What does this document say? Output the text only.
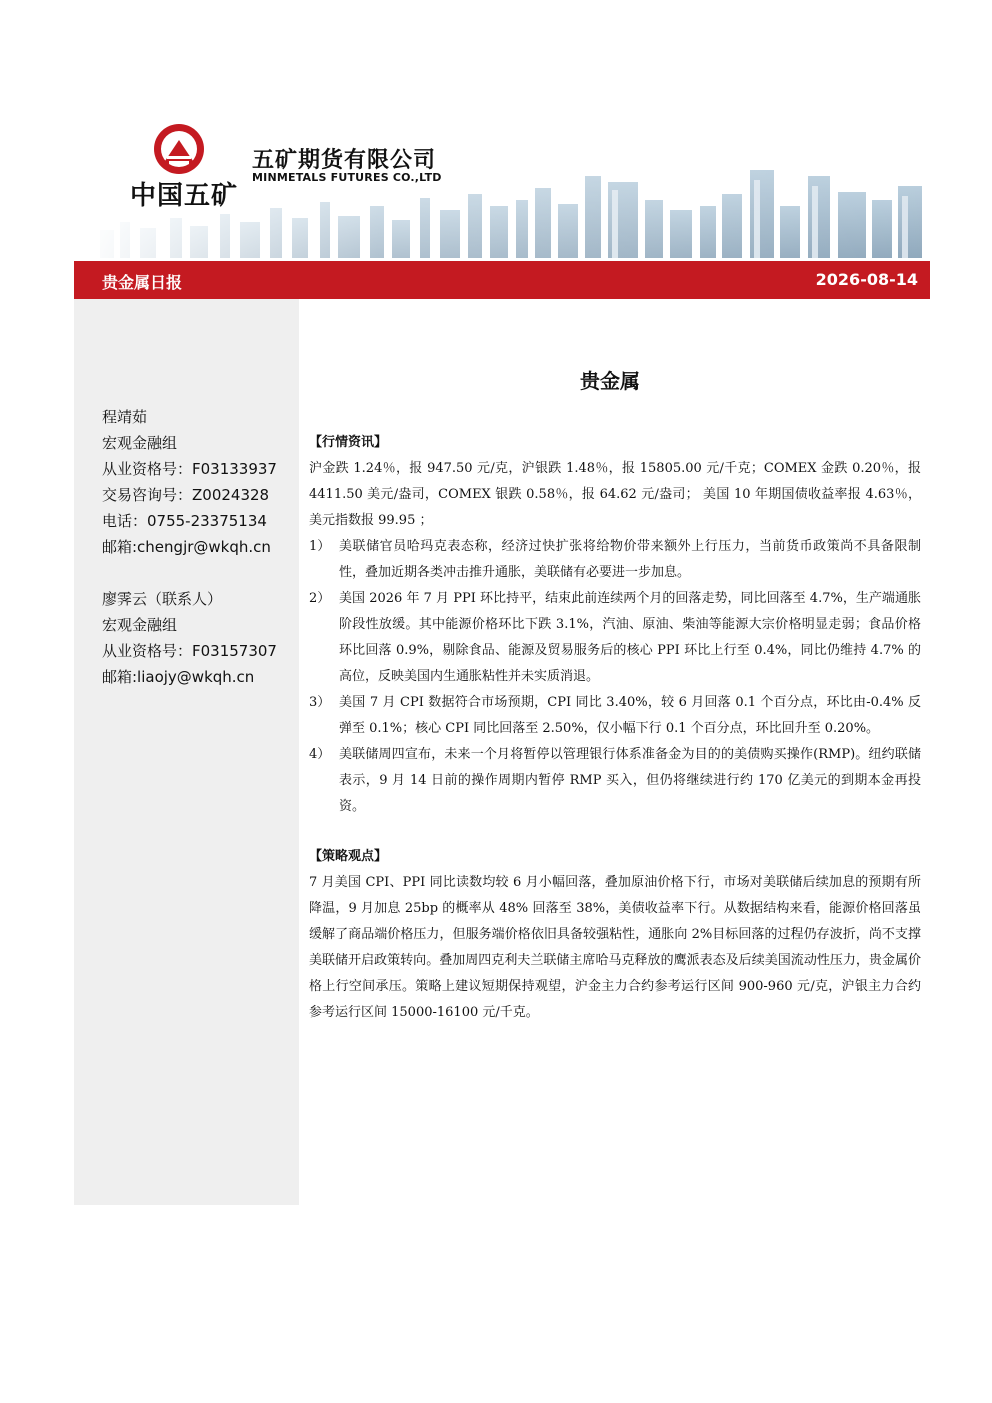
中国五矿
五矿期货有限公司
MINMETALS FUTURES CO.,LTD
贵金属日报	2026-08-14
程靖茹
宏观金融组
从业资格号：F03133937
交易咨询号：Z0024328
电话：0755-23375134
邮箱:chengjr@wkqh.cn
廖霁云（联系人）
宏观金融组
从业资格号：F03157307
邮箱:liaojy@wkqh.cn
贵金属
【行情资讯】
沪金跌 1.24％，报 947.50 元/克，沪银跌 1.48％，报 15805.00 元/千克；COMEX 金跌 0.20％，报 4411.50 美元/盎司，COMEX 银跌 0.58％，报 64.62 元/盎司； 美国 10 年期国债收益率报 4.63％，美元指数报 99.95 ；
1） 美联储官员哈玛克表态称，经济过快扩张将给物价带来额外上行压力，当前货币政策尚不具备限制性，叠加近期各类冲击推升通胀，美联储有必要进一步加息。
2） 美国 2026 年 7 月 PPI 环比持平，结束此前连续两个月的回落走势，同比回落至 4.7%，生产端通胀阶段性放缓。其中能源价格环比下跌 3.1%，汽油、原油、柴油等能源大宗价格明显走弱；食品价格环比回落 0.9%，剔除食品、能源及贸易服务后的核心 PPI 环比上行至 0.4%，同比仍维持 4.7% 的高位，反映美国内生通胀粘性并未实质消退。
3） 美国 7 月 CPI 数据符合市场预期，CPI 同比 3.40%，较 6 月回落 0.1 个百分点，环比由-0.4% 反弹至 0.1%；核心 CPI 同比回落至 2.50%，仅小幅下行 0.1 个百分点，环比回升至 0.20%。
4） 美联储周四宣布，未来一个月将暂停以管理银行体系准备金为目的的美债购买操作(RMP)。纽约联储表示，9 月 14 日前的操作周期内暂停 RMP 买入，但仍将继续进行约 170 亿美元的到期本金再投资。
【策略观点】
7 月美国 CPI、PPI 同比读数均较 6 月小幅回落，叠加原油价格下行，市场对美联储后续加息的预期有所降温，9 月加息 25bp 的概率从 48% 回落至 38%，美债收益率下行。从数据结构来看，能源价格回落虽缓解了商品端价格压力，但服务端价格依旧具备较强粘性，通胀向 2%目标回落的过程仍存波折，尚不支撑美联储开启政策转向。叠加周四克利夫兰联储主席哈马克释放的鹰派表态及后续美国流动性压力，贵金属价格上行空间承压。策略上建议短期保持观望，沪金主力合约参考运行区间 900-960 元/克，沪银主力合约参考运行区间 15000-16100 元/千克。
